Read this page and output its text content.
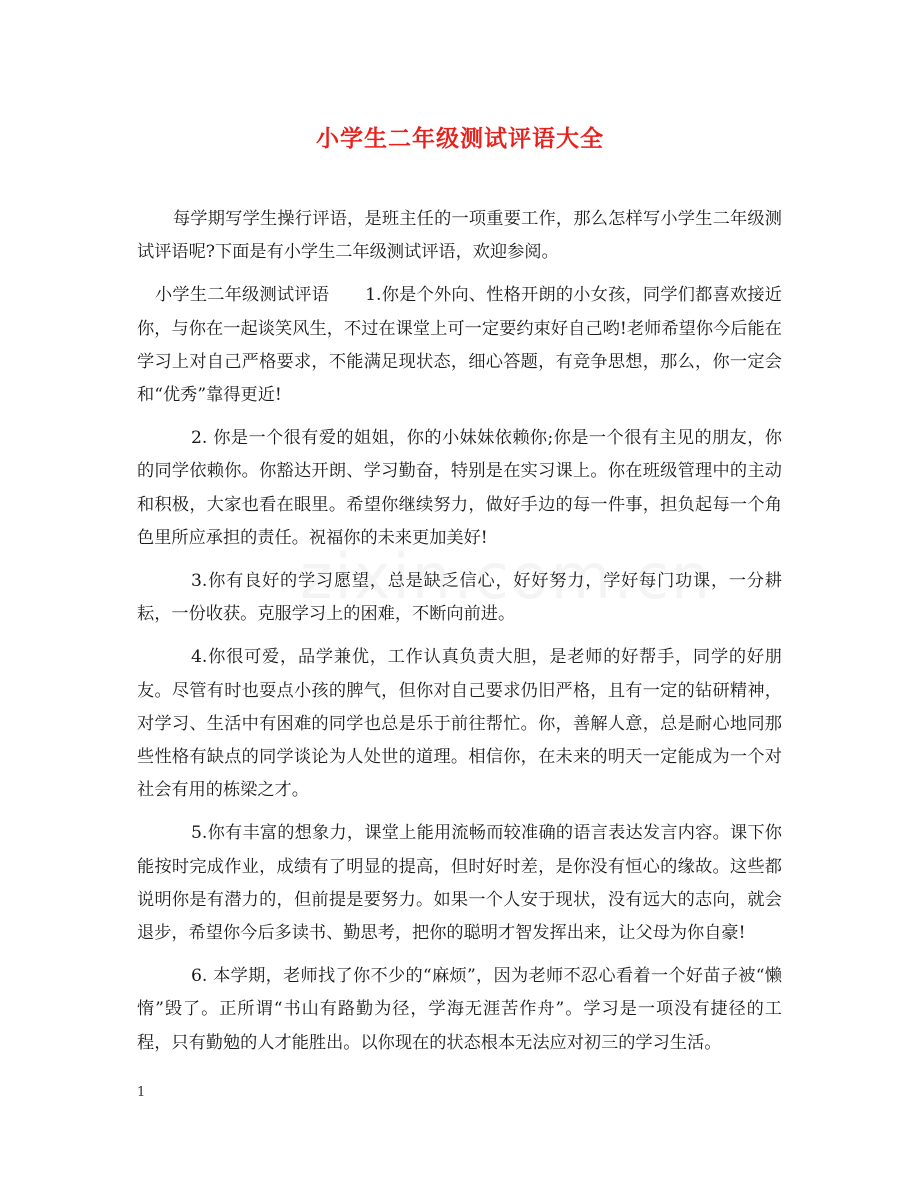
小学生二年级测试评语大全

每学期写学生操行评语，是班主任的一项重要工作，那么怎样写小学生二年级测试评语呢?下面是有小学生二年级测试评语，欢迎参阅。

小学生二年级测试评语 1.你是个外向、性格开朗的小女孩，同学们都喜欢接近你，与你在一起谈笑风生，不过在课堂上可一定要约束好自己哟!老师希望你今后能在学习上对自己严格要求，不能满足现状态，细心答题，有竞争思想，那么，你一定会和“优秀”靠得更近!

2. 你是一个很有爱的姐姐，你的小妹妹依赖你;你是一个很有主见的朋友，你的同学依赖你。你豁达开朗、学习勤奋，特别是在实习课上。你在班级管理中的主动和积极，大家也看在眼里。希望你继续努力，做好手边的每一件事，担负起每一个角色里所应承担的责任。祝福你的未来更加美好!

3.你有良好的学习愿望，总是缺乏信心，好好努力，学好每门功课，一分耕耘，一份收获。克服学习上的困难，不断向前进。

4.你很可爱，品学兼优，工作认真负责大胆，是老师的好帮手，同学的好朋友。尽管有时也耍点小孩的脾气，但你对自己要求仍旧严格，且有一定的钻研精神，对学习、生活中有困难的同学也总是乐于前往帮忙。你，善解人意，总是耐心地同那些性格有缺点的同学谈论为人处世的道理。相信你，在未来的明天一定能成为一个对社会有用的栋梁之才。

5.你有丰富的想象力，课堂上能用流畅而较准确的语言表达发言内容。课下你能按时完成作业，成绩有了明显的提高，但时好时差，是你没有恒心的缘故。这些都说明你是有潜力的，但前提是要努力。如果一个人安于现状，没有远大的志向，就会退步，希望你今后多读书、勤思考，把你的聪明才智发挥出来，让父母为你自豪!

6. 本学期，老师找了你不少的“麻烦”，因为老师不忍心看着一个好苗子被“懒惰”毁了。正所谓“书山有路勤为径，学海无涯苦作舟”。学习是一项没有捷径的工程，只有勤勉的人才能胜出。以你现在的状态根本无法应对初三的学习生活。

1
